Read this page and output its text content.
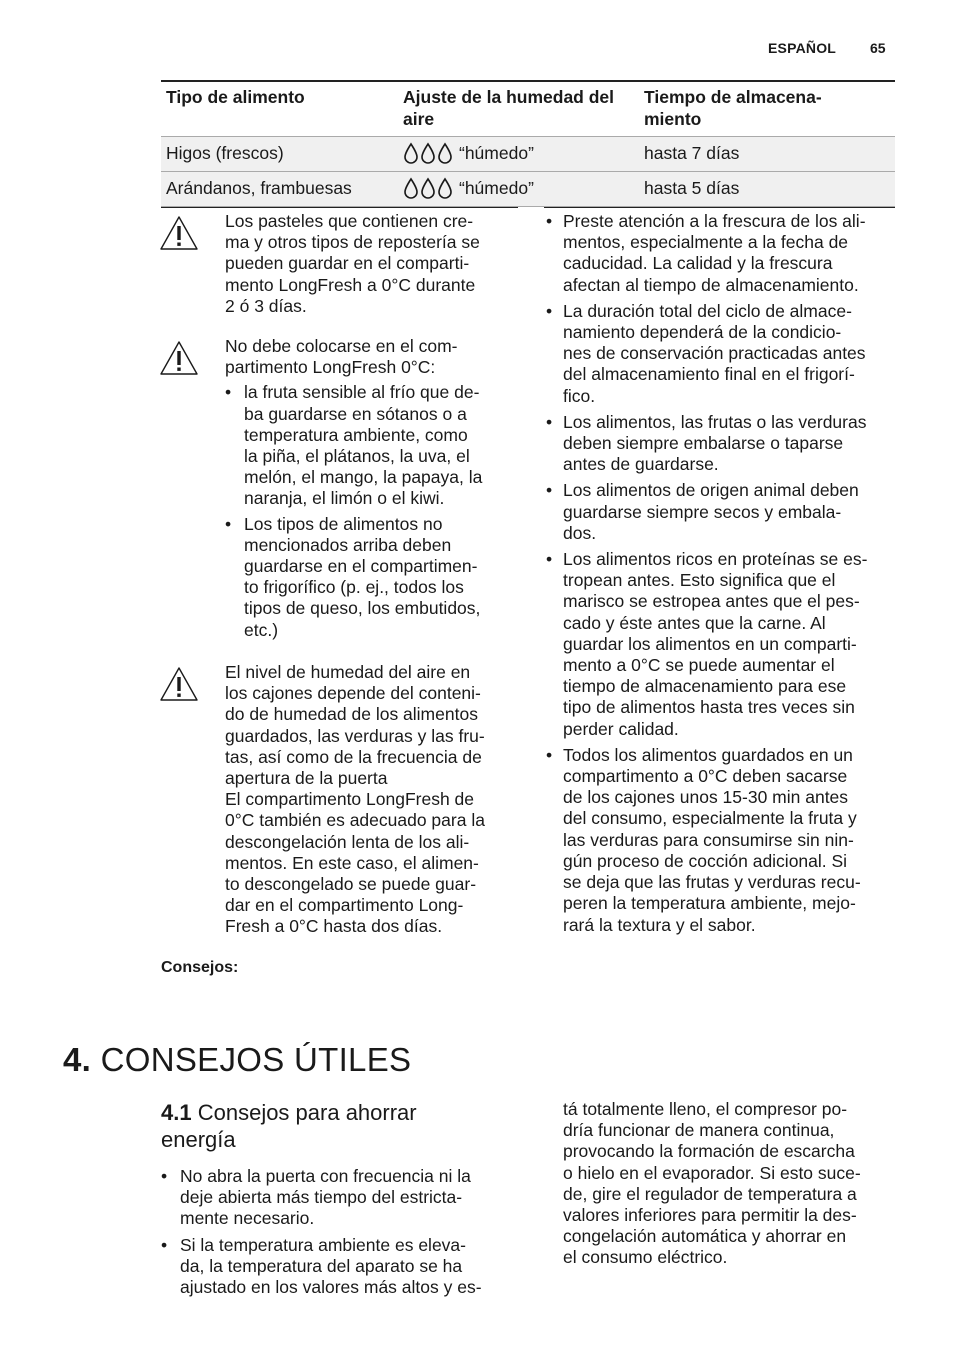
ESPAÑOL 65
Tipo de alimento	Ajuste de la humedad del aire	Tiempo de almacena-
miento
Higos (frescos)	“húmedo”	hasta 7 días
Arándanos, frambuesas	“húmedo”	hasta 5 días
Los pasteles que contienen cre-
ma y otros tipos de repostería se
pueden guardar en el comparti-
mento LongFresh a 0°C durante
2 ó 3 días.
No debe colocarse en el com-
partimento LongFresh 0°C:
• la fruta sensible al frío que de-
ba guardarse en sótanos o a
temperatura ambiente, como
la piña, el plátanos, la uva, el
melón, el mango, la papaya, la
naranja, el limón o el kiwi.
• Los tipos de alimentos no
mencionados arriba deben
guardarse en el compartimen-
to frigorífico (p. ej., todos los
tipos de queso, los embutidos,
etc.)
El nivel de humedad del aire en
los cajones depende del conteni-
do de humedad de los alimentos
guardados, las verduras y las fru-
tas, así como de la frecuencia de
apertura de la puerta
El compartimento LongFresh de
0°C también es adecuado para la
descongelación lenta de los ali-
mentos. En este caso, el alimen-
to descongelado se puede guar-
dar en el compartimento Long-
Fresh a 0°C hasta dos días.
• Preste atención a la frescura de los ali-
mentos, especialmente a la fecha de
caducidad. La calidad y la frescura
afectan al tiempo de almacenamiento.
• La duración total del ciclo de almace-
namiento dependerá de la condicio-
nes de conservación practicadas antes
del almacenamiento final en el frigorí-
fico.
• Los alimentos, las frutas o las verduras
deben siempre embalarse o taparse
antes de guardarse.
• Los alimentos de origen animal deben
guardarse siempre secos y embala-
dos.
• Los alimentos ricos en proteínas se es-
tropean antes. Esto significa que el
marisco se estropea antes que el pes-
cado y éste antes que la carne. Al
guardar los alimentos en un comparti-
mento a 0°C se puede aumentar el
tiempo de almacenamiento para ese
tipo de alimentos hasta tres veces sin
perder calidad.
• Todos los alimentos guardados en un
compartimento a 0°C deben sacarse
de los cajones unos 15-30 min antes
del consumo, especialmente la fruta y
las verduras para consumirse sin nin-
gún proceso de cocción adicional. Si
se deja que las frutas y verduras recu-
peren la temperatura ambiente, mejo-
rará la textura y el sabor.
Consejos:
4. CONSEJOS ÚTILES
4.1 Consejos para ahorrar
energía
• No abra la puerta con frecuencia ni la
deje abierta más tiempo del estricta-
mente necesario.
• Si la temperatura ambiente es eleva-
da, la temperatura del aparato se ha
ajustado en los valores más altos y es-
tá totalmente lleno, el compresor po-
dría funcionar de manera continua,
provocando la formación de escarcha
o hielo en el evaporador. Si esto suce-
de, gire el regulador de temperatura a
valores inferiores para permitir la des-
congelación automática y ahorrar en
el consumo eléctrico.
